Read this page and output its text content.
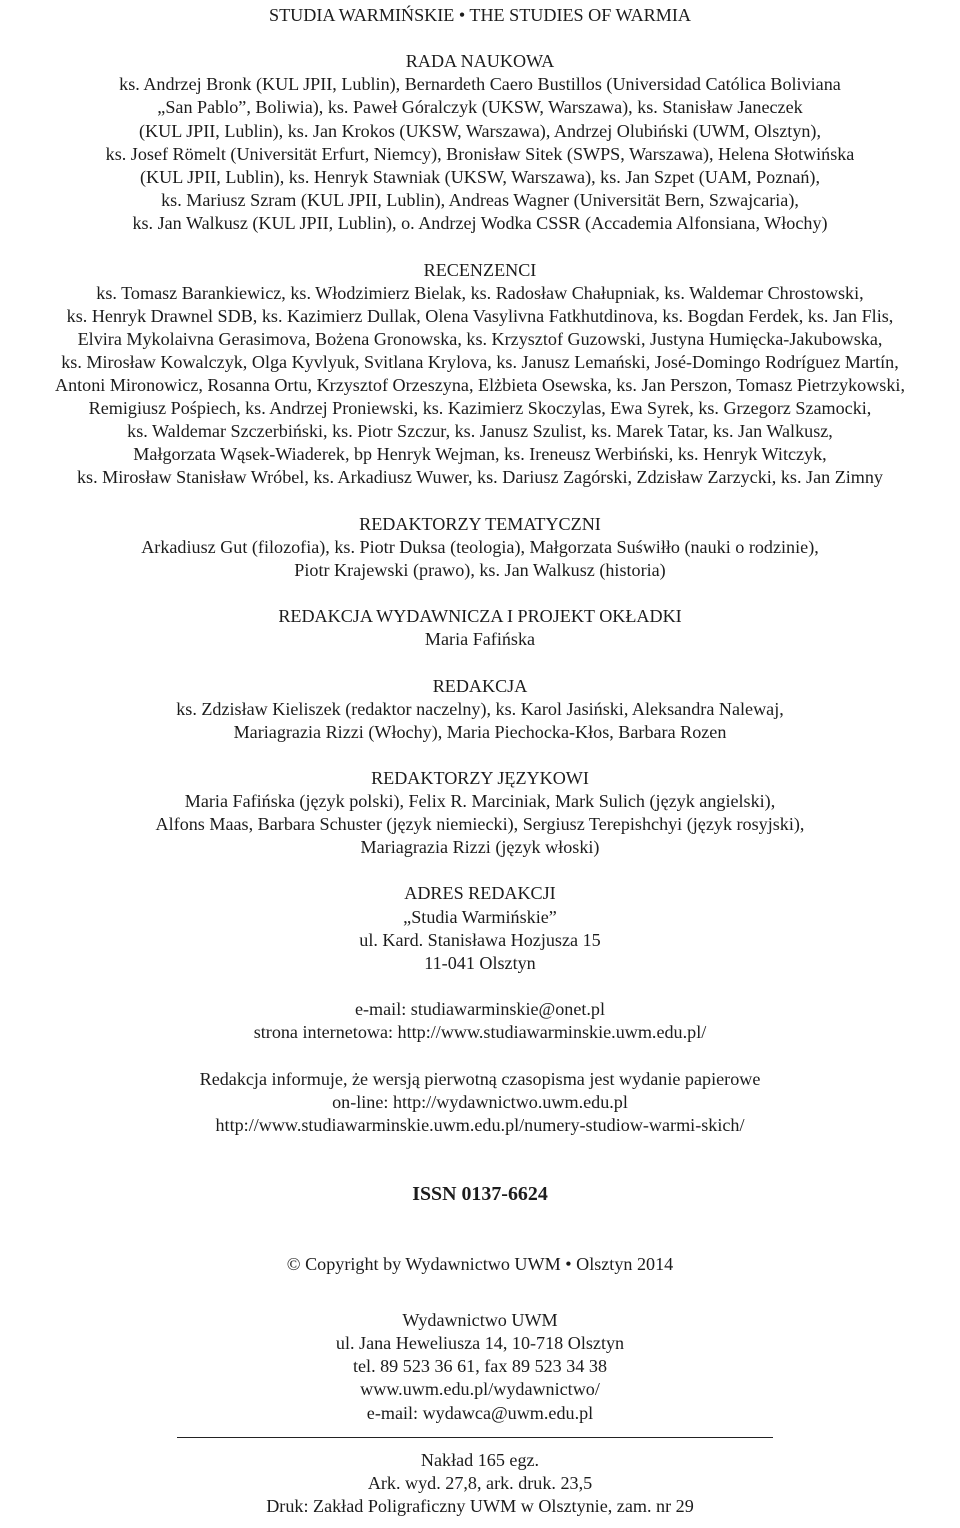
STUDIA WARMIŃSKIE • THE STUDIES OF WARMIA

RADA NAUKOWA

ks. Andrzej Bronk (KUL JPII, Lublin), Bernardeth Caero Bustillos (Universidad Católica Boliviana

„San Pablo”, Boliwia), ks. Paweł Góralczyk (UKSW, Warszawa), ks. Stanisław Janeczek

(KUL JPII, Lublin), ks. Jan Krokos (UKSW, Warszawa), Andrzej Olubiński (UWM, Olsztyn),

ks. Josef Römelt (Universität Erfurt, Niemcy), Bronisław Sitek (SWPS, Warszawa), Helena Słotwińska

(KUL JPII, Lublin), ks. Henryk Stawniak (UKSW, Warszawa), ks. Jan Szpet (UAM, Poznań),

ks. Mariusz Szram (KUL JPII, Lublin), Andreas Wagner (Universität Bern, Szwajcaria),

ks. Jan Walkusz (KUL JPII, Lublin), o. Andrzej Wodka CSSR (Accademia Alfonsiana, Włochy)

RECENZENCI

ks. Tomasz Barankiewicz, ks. Włodzimierz Bielak, ks. Radosław Chałupniak, ks. Waldemar Chrostowski,

ks. Henryk Drawnel SDB, ks. Kazimierz Dullak, Olena Vasylivna Fatkhutdinova, ks. Bogdan Ferdek, ks. Jan Flis,

Elvira Mykolaivna Gerasimova, Bożena Gronowska, ks. Krzysztof Guzowski, Justyna Humięcka-Jakubowska,

ks. Mirosław Kowalczyk, Olga Kyvlyuk, Svitlana Krylova, ks. Janusz Lemański, José-Domingo Rodríguez Martín,

Antoni Mironowicz, Rosanna Ortu, Krzysztof Orzeszyna, Elżbieta Osewska, ks. Jan Perszon, Tomasz Pietrzykowski,

Remigiusz Pośpiech, ks. Andrzej Proniewski, ks. Kazimierz Skoczylas, Ewa Syrek, ks. Grzegorz Szamocki,

ks. Waldemar Szczerbiński, ks. Piotr Szczur, ks. Janusz Szulist, ks. Marek Tatar, ks. Jan Walkusz,

Małgorzata Wąsek-Wiaderek, bp Henryk Wejman, ks. Ireneusz Werbiński, ks. Henryk Witczyk,

ks. Mirosław Stanisław Wróbel, ks. Arkadiusz Wuwer, ks. Dariusz Zagórski, Zdzisław Zarzycki, ks. Jan Zimny

REDAKTORZY TEMATYCZNI

Arkadiusz Gut (filozofia), ks. Piotr Duksa (teologia), Małgorzata Suświłło (nauki o rodzinie),

Piotr Krajewski (prawo), ks. Jan Walkusz (historia)

REDAKCJA WYDAWNICZA I PROJEKT OKŁADKI

Maria Fafińska

REDAKCJA

ks. Zdzisław Kieliszek (redaktor naczelny), ks. Karol Jasiński, Aleksandra Nalewaj,

Mariagrazia Rizzi (Włochy), Maria Piechocka-Kłos, Barbara Rozen

REDAKTORZY JĘZYKOWI

Maria Fafińska (język polski), Felix R. Marciniak, Mark Sulich (język angielski),

Alfons Maas, Barbara Schuster (język niemiecki), Sergiusz Terepishchyi (język rosyjski),

Mariagrazia Rizzi (język włoski)

ADRES REDAKCJI

„Studia Warmińskie”

ul. Kard. Stanisława Hozjusza 15

11-041 Olsztyn

e-mail: studiawarminskie@onet.pl

strona internetowa: http://www.studiawarminskie.uwm.edu.pl/

Redakcja informuje, że wersją pierwotną czasopisma jest wydanie papierowe

on-line: http://wydawnictwo.uwm.edu.pl

http://www.studiawarminskie.uwm.edu.pl/numery-studiow-warmi-skich/

ISSN 0137-6624

© Copyright by Wydawnictwo UWM • Olsztyn 2014

Wydawnictwo UWM

ul. Jana Heweliusza 14, 10-718 Olsztyn

tel. 89 523 36 61, fax 89 523 34 38

www.uwm.edu.pl/wydawnictwo/

e-mail: wydawca@uwm.edu.pl

Nakład 165 egz.

Ark. wyd. 27,8, ark. druk. 23,5

Druk: Zakład Poligraficzny UWM w Olsztynie, zam. nr 29
